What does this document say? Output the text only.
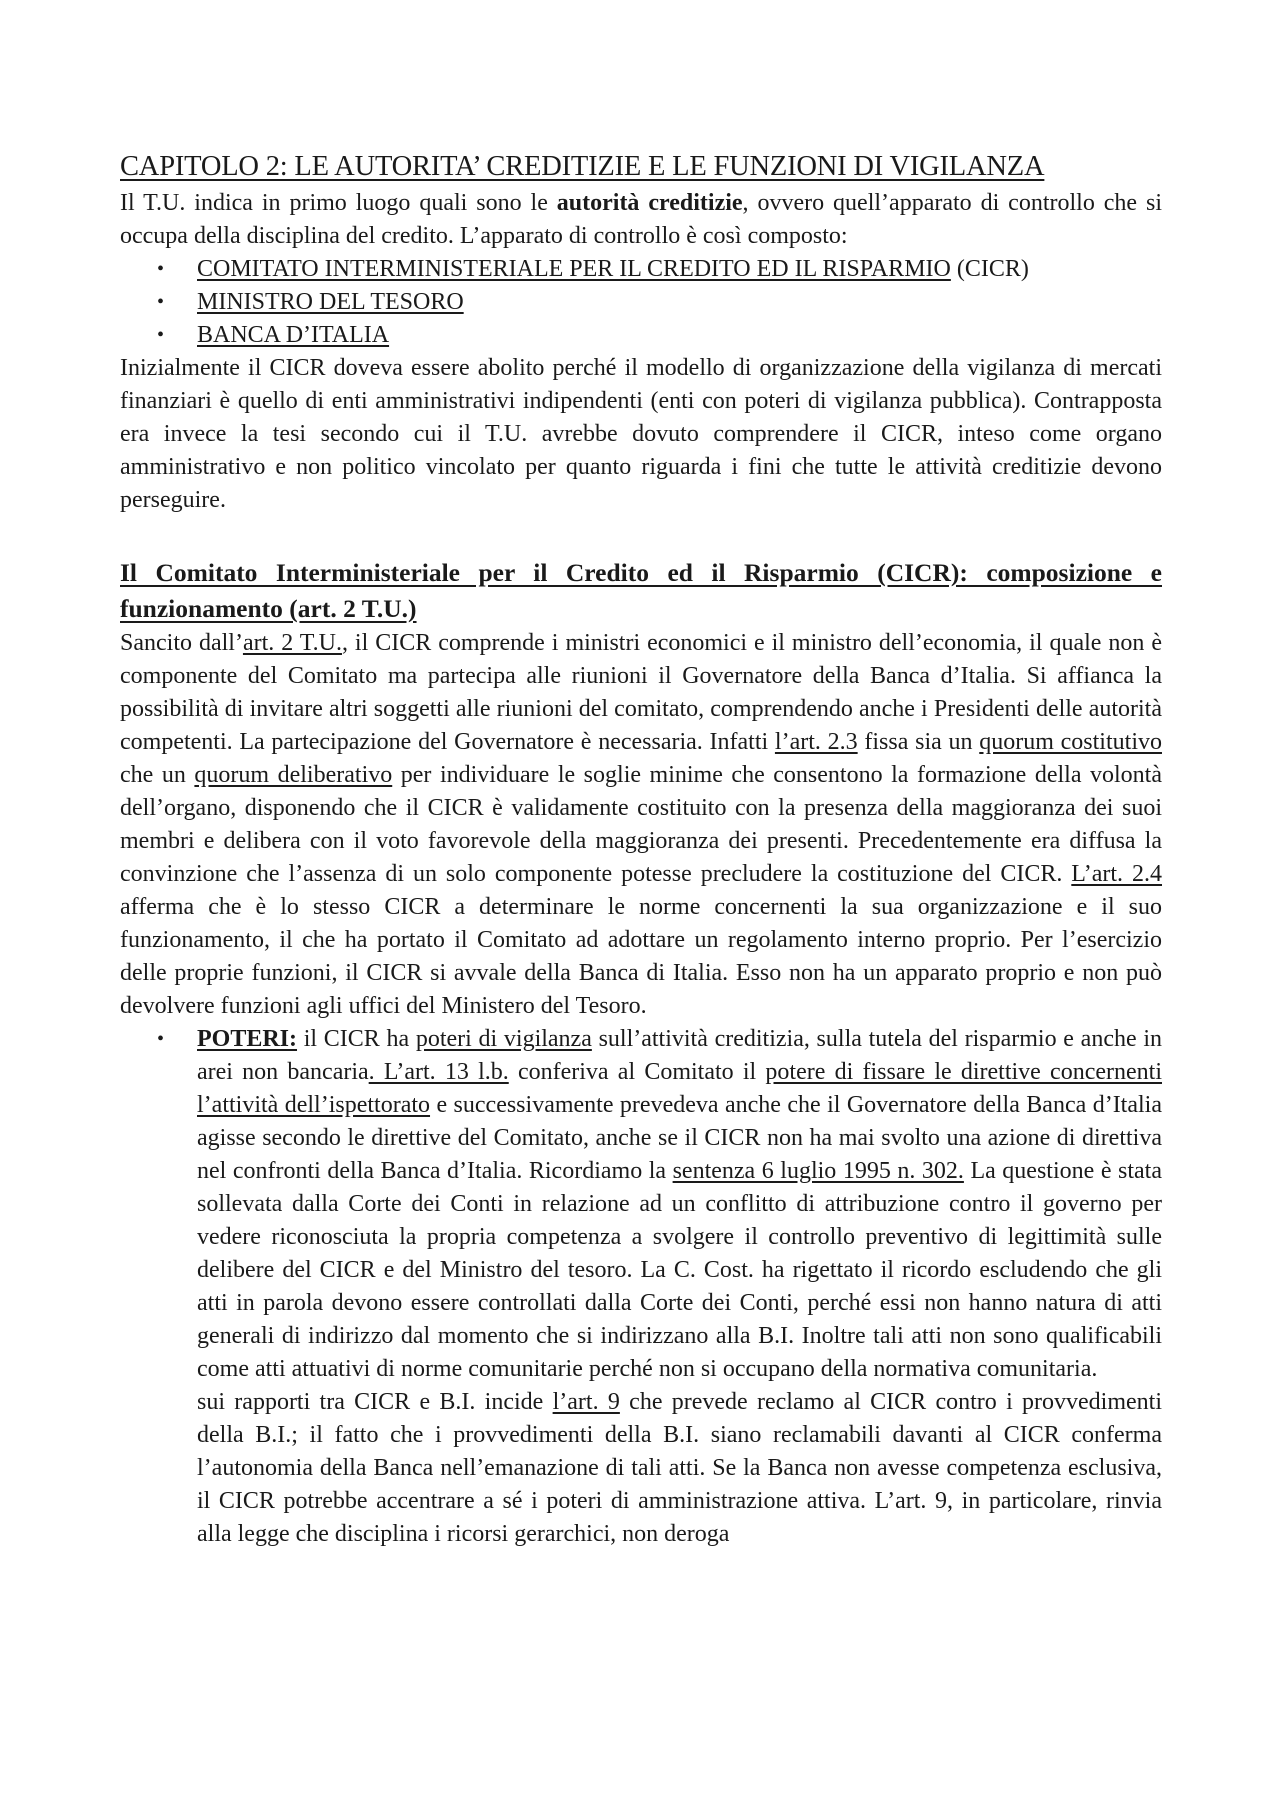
CAPITOLO 2: LE AUTORITA’ CREDITIZIE E LE FUNZIONI DI VIGILANZA

Il T.U. indica in primo luogo quali sono le autorità creditizie, ovvero quell’apparato di controllo che si occupa della disciplina del credito. L’apparato di controllo è così composto:

• COMITATO INTERMINISTERIALE PER IL CREDITO ED IL RISPARMIO (CICR)
• MINISTRO DEL TESORO
• BANCA D’ITALIA

Inizialmente il CICR doveva essere abolito perché il modello di organizzazione della vigilanza di mercati finanziari è quello di enti amministrativi indipendenti (enti con poteri di vigilanza pubblica). Contrapposta era invece la tesi secondo cui il T.U. avrebbe dovuto comprendere il CICR, inteso come organo amministrativo e non politico vincolato per quanto riguarda i fini che tutte le attività creditizie devono perseguire.

Il Comitato Interministeriale per il Credito ed il Risparmio (CICR): composizione e funzionamento (art. 2 T.U.)

Sancito dall’art. 2 T.U., il CICR comprende i ministri economici e il ministro dell’economia, il quale non è componente del Comitato ma partecipa alle riunioni il Governatore della Banca d’Italia. Si affianca la possibilità di invitare altri soggetti alle riunioni del comitato, comprendendo anche i Presidenti delle autorità competenti. La partecipazione del Governatore è necessaria. Infatti l’art. 2.3 fissa sia un quorum costitutivo che un quorum deliberativo per individuare le soglie minime che consentono la formazione della volontà dell’organo, disponendo che il CICR è validamente costituito con la presenza della maggioranza dei suoi membri e delibera con il voto favorevole della maggioranza dei presenti. Precedentemente era diffusa la convinzione che l’assenza di un solo componente potesse precludere la costituzione del CICR. L’art. 2.4 afferma che è lo stesso CICR a determinare le norme concernenti la sua organizzazione e il suo funzionamento, il che ha portato il Comitato ad adottare un regolamento interno proprio. Per l’esercizio delle proprie funzioni, il CICR si avvale della Banca di Italia. Esso non ha un apparato proprio e non può devolvere funzioni agli uffici del Ministero del Tesoro.

• POTERI: il CICR ha poteri di vigilanza sull’attività creditizia, sulla tutela del risparmio e anche in arei non bancaria. L’art. 13 l.b. conferiva al Comitato il potere di fissare le direttive concernenti l’attività dell’ispettorato e successivamente prevedeva anche che il Governatore della Banca d’Italia agisse secondo le direttive del Comitato, anche se il CICR non ha mai svolto una azione di direttiva nel confronti della Banca d’Italia. Ricordiamo la sentenza 6 luglio 1995 n. 302. La questione è stata sollevata dalla Corte dei Conti in relazione ad un conflitto di attribuzione contro il governo per vedere riconosciuta la propria competenza a svolgere il controllo preventivo di legittimità sulle delibere del CICR e del Ministro del tesoro. La C. Cost. ha rigettato il ricordo escludendo che gli atti in parola devono essere controllati dalla Corte dei Conti, perché essi non hanno natura di atti generali di indirizzo dal momento che si indirizzano alla B.I. Inoltre tali atti non sono qualificabili come atti attuativi di norme comunitarie perché non si occupano della normativa comunitaria.

sui rapporti tra CICR e B.I. incide l’art. 9 che prevede reclamo al CICR contro i provvedimenti della B.I.; il fatto che i provvedimenti della B.I. siano reclamabili davanti al CICR conferma l’autonomia della Banca nell’emanazione di tali atti. Se la Banca non avesse competenza esclusiva, il CICR potrebbe accentrare a sé i poteri di amministrazione attiva. L’art. 9, in particolare, rinvia alla legge che disciplina i ricorsi gerarchici, non deroga
